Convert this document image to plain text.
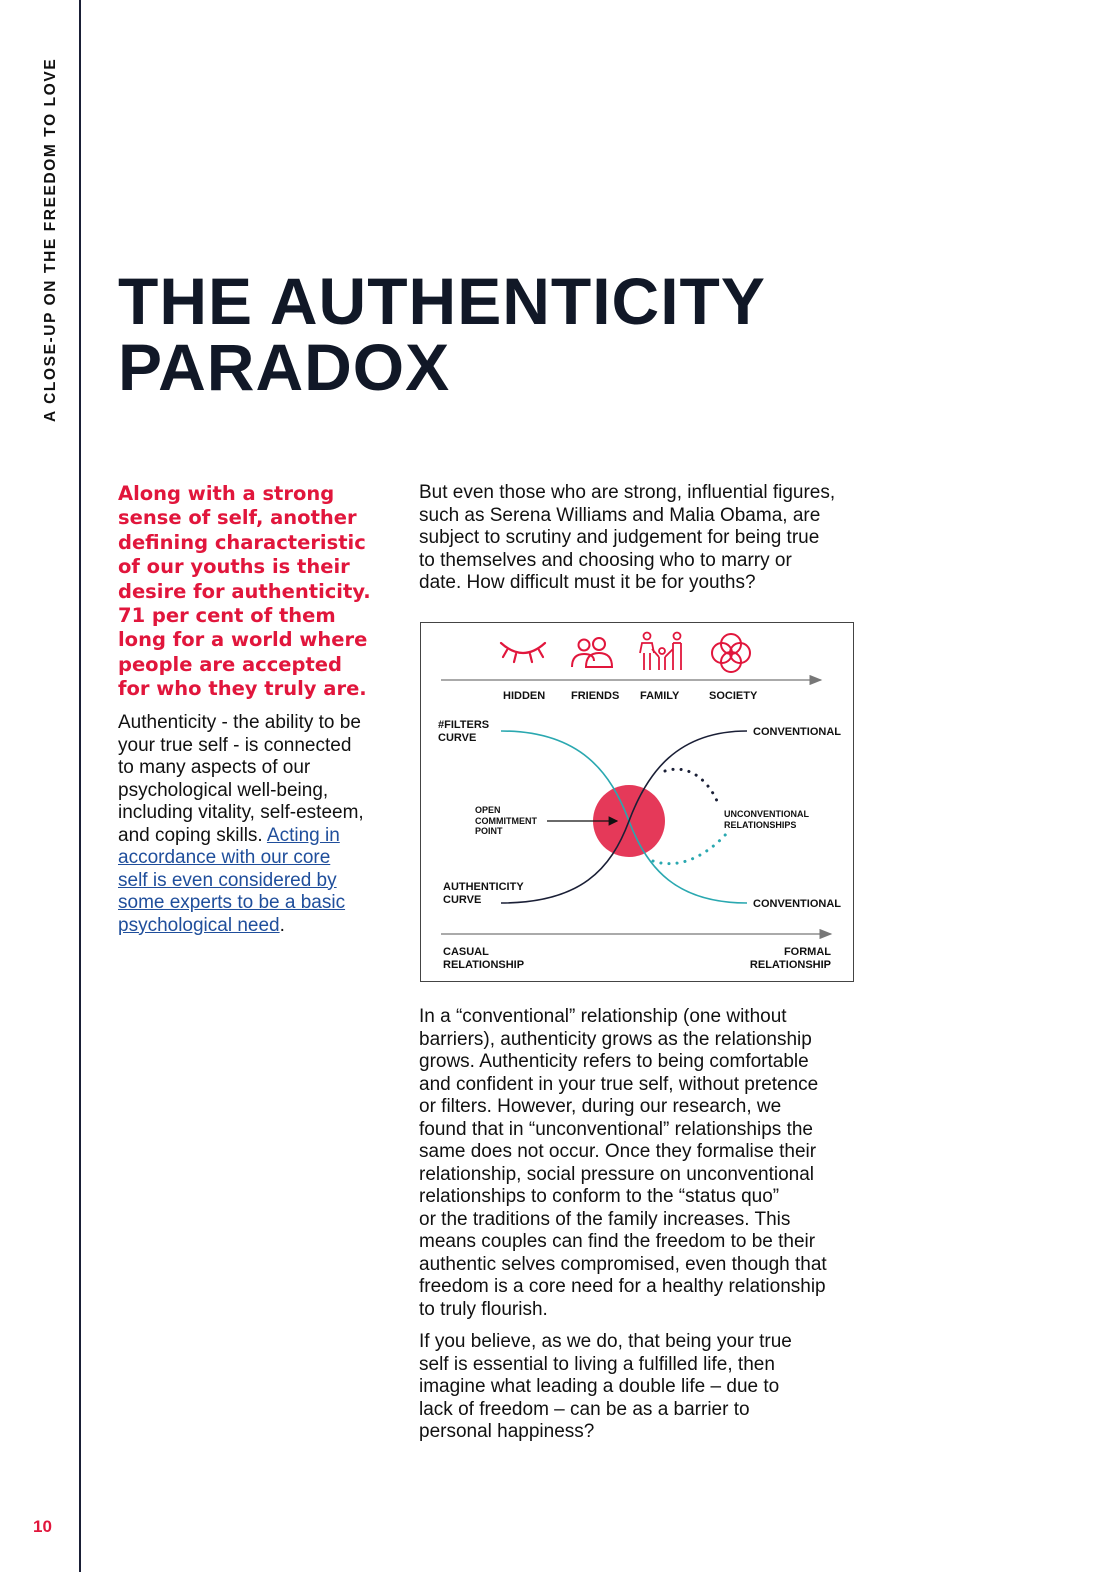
A CLOSE-UP ON THE FREEDOM TO LOVE
10
THE AUTHENTICITY
PARADOX

Along with a strong
sense of self, another
defining characteristic
of our youths is their
desire for authenticity.
71 per cent of them
long for a world where
people are accepted
for who they truly are.

Authenticity - the ability to be
your true self - is connected
to many aspects of our
psychological well-being,
including vitality, self-esteem,
and coping skills. Acting in
accordance with our core
self is even considered by
some experts to be a basic
psychological need.

But even those who are strong, influential figures,
such as Serena Williams and Malia Obama, are
subject to scrutiny and judgement for being true
to themselves and choosing who to marry or
date. How difficult must it be for youths?
HIDDEN FRIENDS FAMILY	SOCIETY
#FILTERS
CURVE
AUTHENTICITY
CURVE
CONVENTIONAL
CONVENTIONAL
UNCONVENTIONAL
RELATIONSHIPS
OPEN
COMMITMENT
POINT
CASUAL
RELATIONSHIP
FORMAL
RELATIONSHIP
In a “conventional” relationship (one without
barriers), authenticity grows as the relationship
grows. Authenticity refers to being comfortable
and confident in your true self, without pretence
or filters. However, during our research, we
found that in “unconventional” relationships the
same does not occur. Once they formalise their
relationship, social pressure on unconventional
relationships to conform to the “status quo”
or the traditions of the family increases. This
means couples can find the freedom to be their
authentic selves compromised, even though that
freedom is a core need for a healthy relationship
to truly flourish.
If you believe, as we do, that being your true
self is essential to living a fulfilled life, then
imagine what leading a double life – due to
lack of freedom – can be as a barrier to
personal happiness?
